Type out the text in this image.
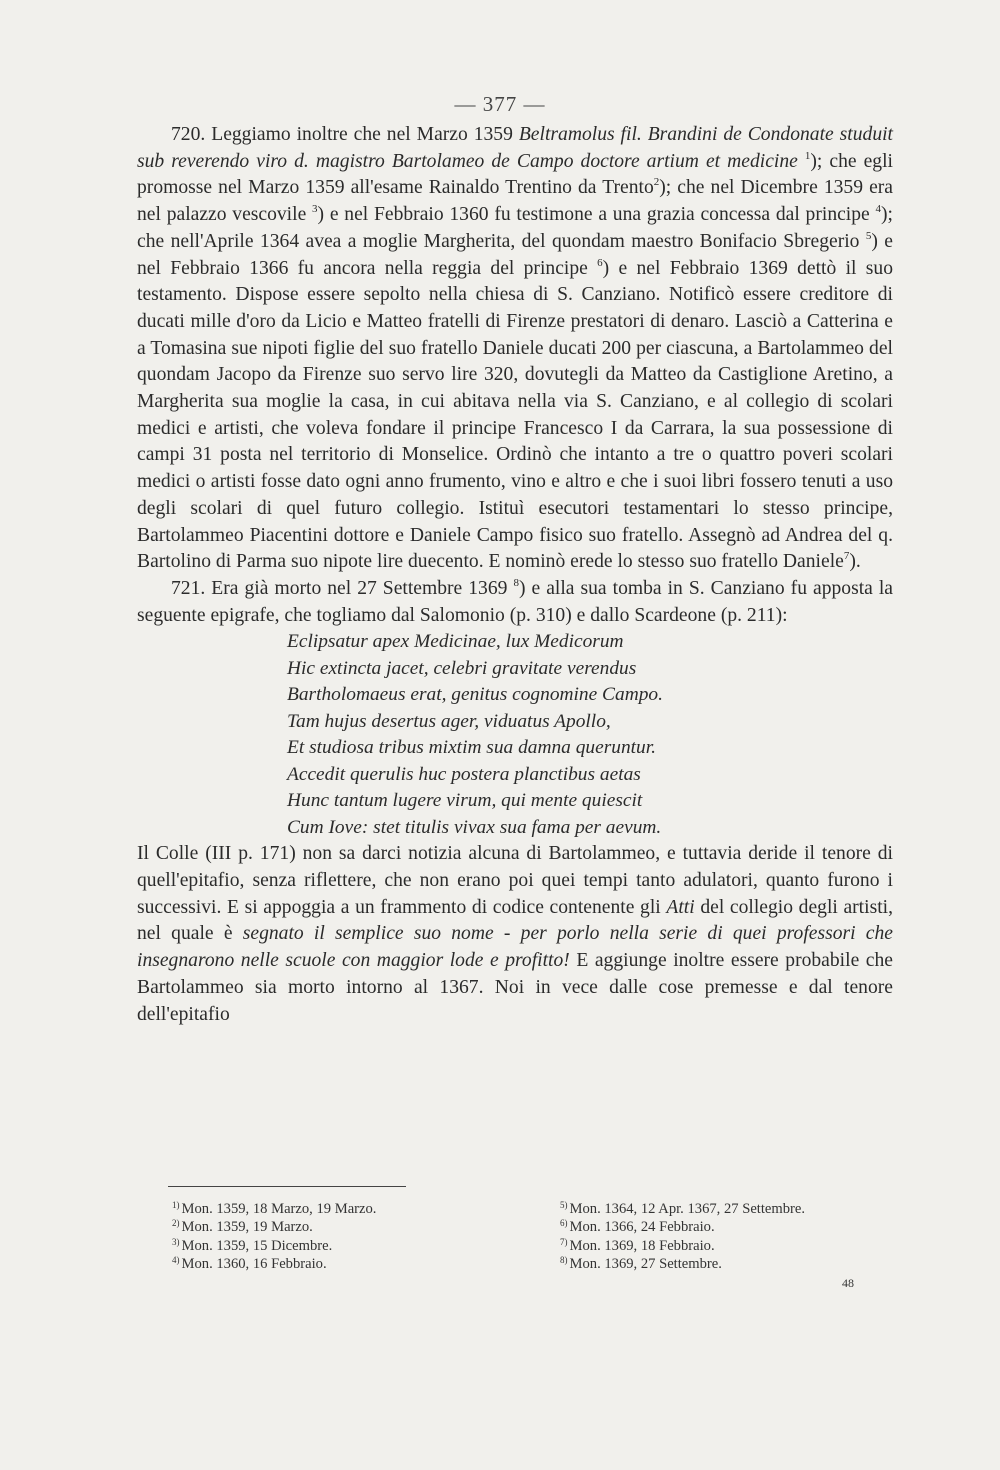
— 377 —

720. Leggiamo inoltre che nel Marzo 1359 Beltramolus fil. Brandini de Condonate studuit sub reverendo viro d. magistro Bartolameo de Campo doctore artium et medicine $^1$); che egli promosse nel Marzo 1359 all'esame Rainaldo Trentino da Trento$^2$); che nel Dicembre 1359 era nel palazzo vescovile $^3$) e nel Febbraio 1360 fu testimone a una grazia concessa dal principe $^4$); che nell'Aprile 1364 avea a moglie Margherita, del quondam maestro Bonifacio Sbregerio $^5$) e nel Febbraio 1366 fu ancora nella reggia del principe $^6$) e nel Febbraio 1369 dettò il suo testamento. Dispose essere sepolto nella chiesa di S. Canziano. Notificò essere creditore di ducati mille d'oro da Licio e Matteo fratelli di Firenze prestatori di denaro. Lasciò a Catterina e a Tomasina sue nipoti figlie del suo fratello Daniele ducati 200 per ciascuna, a Bartolammeo del quondam Jacopo da Firenze suo servo lire 320, dovutegli da Matteo da Castiglione Aretino, a Margherita sua moglie la casa, in cui abitava nella via S. Canziano, e al collegio di scolari medici e artisti, che voleva fondare il principe Francesco I da Carrara, la sua possessione di campi 31 posta nel territorio di Monselice. Ordinò che intanto a tre o quattro poveri scolari medici o artisti fosse dato ogni anno frumento, vino e altro e che i suoi libri fossero tenuti a uso degli scolari di quel futuro collegio. Istituì esecutori testamentari lo stesso principe, Bartolammeo Piacentini dottore e Daniele Campo fisico suo fratello. Assegnò ad Andrea del q. Bartolino di Parma suo nipote lire duecento. E nominò erede lo stesso suo fratello Daniele$^7$).

721. Era già morto nel 27 Settembre 1369 $^8$) e alla sua tomba in S. Canziano fu apposta la seguente epigrafe, che togliamo dal Salomonio (p. 310) e dallo Scardeone (p. 211):

Eclipsatur apex Medicinae, lux Medicorum
Hic extincta jacet, celebri gravitate verendus
Bartholomaeus erat, genitus cognomine Campo.
Tam hujus desertus ager, viduatus Apollo,
Et studiosa tribus mixtim sua damna queruntur.
Accedit querulis huc postera planctibus aetas
Hunc tantum lugere virum, qui mente quiescit
Cum Iove: stet titulis vivax sua fama per aevum.

Il Colle (III p. 171) non sa darci notizia alcuna di Bartolammeo, e tuttavia deride il tenore di quell'epitafio, senza riflettere, che non erano poi quei tempi tanto adulatori, quanto furono i successivi. E si appoggia a un frammento di codice contenente gli Atti del collegio degli artisti, nel quale è segnato il semplice suo nome - per porlo nella serie di quei professori che insegnarono nelle scuole con maggior lode e profitto! E aggiunge inoltre essere probabile che Bartolammeo sia morto intorno al 1367. Noi in vece dalle cose premesse e dal tenore dell'epitafio

$^{1)}$ Mon. 1359, 18 Marzo, 19 Marzo.
$^{2)}$ Mon. 1359, 19 Marzo.
$^{3)}$ Mon. 1359, 15 Dicembre.
$^{4)}$ Mon. 1360, 16 Febbraio.
$^{5)}$ Mon. 1364, 12 Apr. 1367, 27 Settembre.
$^{6)}$ Mon. 1366, 24 Febbraio.
$^{7)}$ Mon. 1369, 18 Febbraio.
$^{8)}$ Mon. 1369, 27 Settembre.
48
